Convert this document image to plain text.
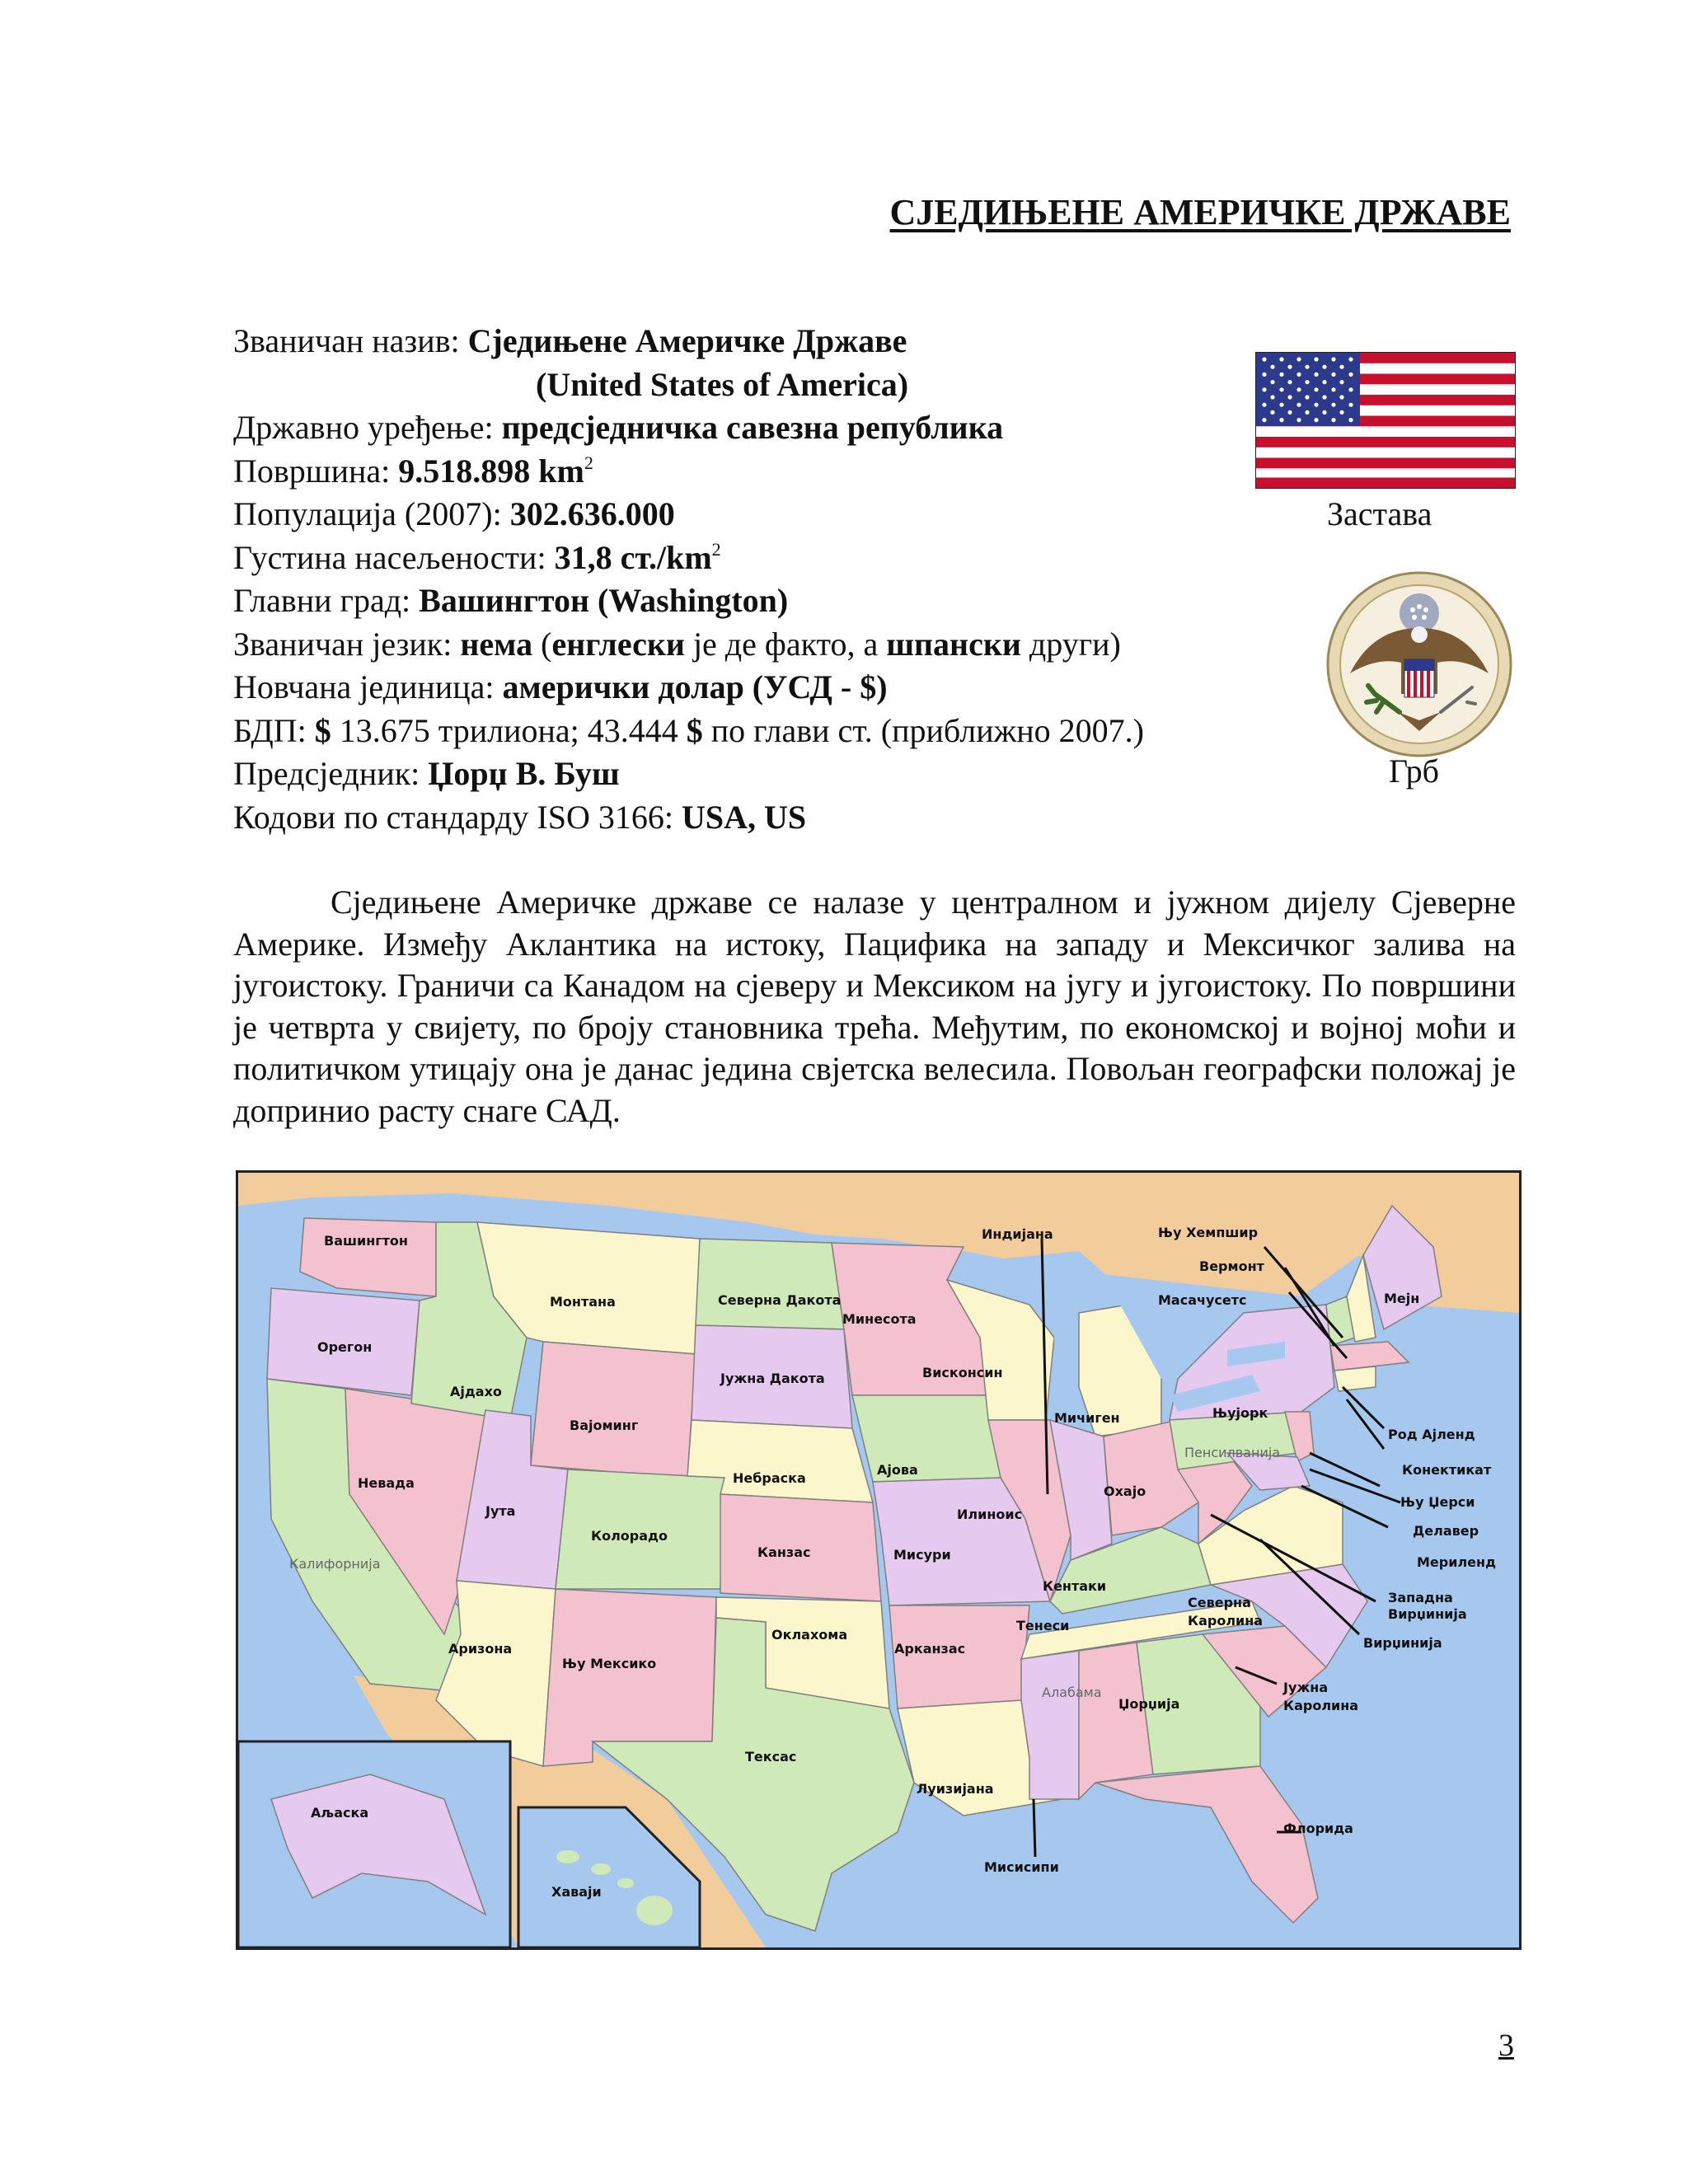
СЈЕДИЊЕНЕ АМЕРИЧКЕ ДРЖАВЕ
Званичан назив: Сједињене Америчке Државе
(United States of America)
Државно уређење: предсједничка савезна република
Површина: 9.518.898 $km^2$
Популација (2007): 302.636.000
Густина насељености: 31,8 $ст./km^2$
Главни град: Вашингтон (Washington)
Званичан језик: нема (енглески је де факто, а шпански други)
Новчана јединица: амерички долар (УСД - $)
БДП: $ 13.675 трилиона; 43.444 $ по глави ст. (приближно 2007.)
Предсједник: Џорџ В. Буш
Кодови по стандарду ISO 3166: USA, US
Застава
Грб

Сједињене Америчке државе се налазе у централном и јужном дијелу Сјеверне Америке. Између Аклантика на истоку, Пацифика на западу и Мексичког залива на југоистоку. Граничи са Канадом на сјеверу и Мексиком на југу и југоистоку. По површини је четврта у свијету, по броју становника трећа. Међутим, по економској и војној моћи и политичком утицају она је данас једина свјетска велесила. Повољан географски положај је допринио расту снаге САД.

Вашингтон
Орегон
Калифорнија
Невада
Ајдахо
Монтана
Вајоминг
Јута
Аризона
Колорадо
Њу Мексико
Северна Дакота
Јужна Дакота
Небраска
Канзас
Оклахома
Тексас
Минесота
Ајова
Мисури
Арканзас
Луизијана
Висконсин
Илиноис
Мичиген
Индијана
Охајо
Кентаки
Тенеси
Мисисипи
Алабама
Џорџија
Флорида
Јужна
Каролина
Северна
Каролина
Вирџинија
Западна
Вирџинија
Мериленд
Делавер
Њу Џерси
Пенсилванија
Њујорк
Конектикат
Род Ајленд
Масачусетс
Вермонт
Њу Хемпшир
Мејн
Аљаска
Хаваји
3
